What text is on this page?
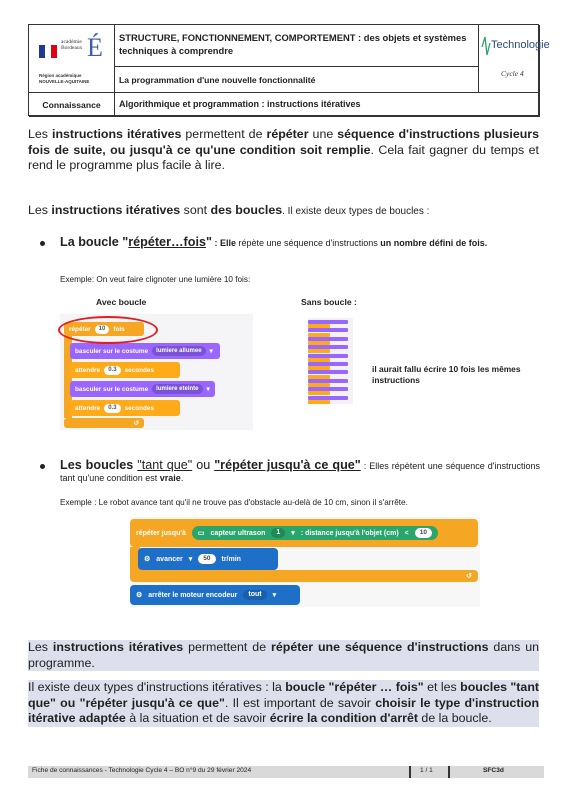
académie
Bordeaux É
Région académique
NOUVELLE-AQUITAINE
STRUCTURE, FONCTIONNEMENT, COMPORTEMENT : des objets et systèmes techniques à comprendre
La programmation d'une nouvelle fonctionnalité
Technologie
Cycle 4
Connaissance	Algorithmique et programmation : instructions itératives

Les instructions itératives permettent de répéter une séquence d'instructions plusieurs fois de suite, ou jusqu'à ce qu'une condition soit remplie. Cela fait gagner du temps et rend le programme plus facile à lire.

Les instructions itératives sont des boucles. Il existe deux types de boucles :
La boucle "répéter…fois" : Elle répète une séquence d'instructions un nombre défini de fois.
Exemple: On veut faire clignoter une lumière 10 fois:
Avec boucle	Sans boucle :
répéter	10	fois
basculer sur le costume	lumiere allumee	▾
attendre	0.3	secondes
basculer sur le costume	lumiere eteinte	▾
attendre	0.3	secondes
↺
il aurait fallu écrire 10 fois les mêmes instructions
Les boucles "tant que" ou "répéter jusqu'à ce que" : Elles répètent une séquence d'instructions tant qu'une condition est vraie.
Exemple : Le robot avance tant qu'il ne trouve pas d'obstacle au-delà de 10 cm, sinon il s'arrête.
répéter jusqu'à ▭ capteur ultrason	1	▾ : distance jusqu'à l'objet (cm) <	10
⚙ avancer ▾	50	tr/min
↺
⚙ arrêter le moteur encodeur	tout	▾

Les instructions itératives permettent de répéter une séquence d'instructions dans un programme.

Il existe deux types d'instructions itératives : la boucle "répéter … fois" et les boucles "tant que" ou "répéter jusqu'à ce que". Il est important de savoir choisir le type d'instruction itérative adaptée à la situation et de savoir écrire la condition d'arrêt de la boucle.

Fiche de connaissances - Technologie Cycle 4 – BO n°9 du 29 février 2024	1 / 1	SFC3d
